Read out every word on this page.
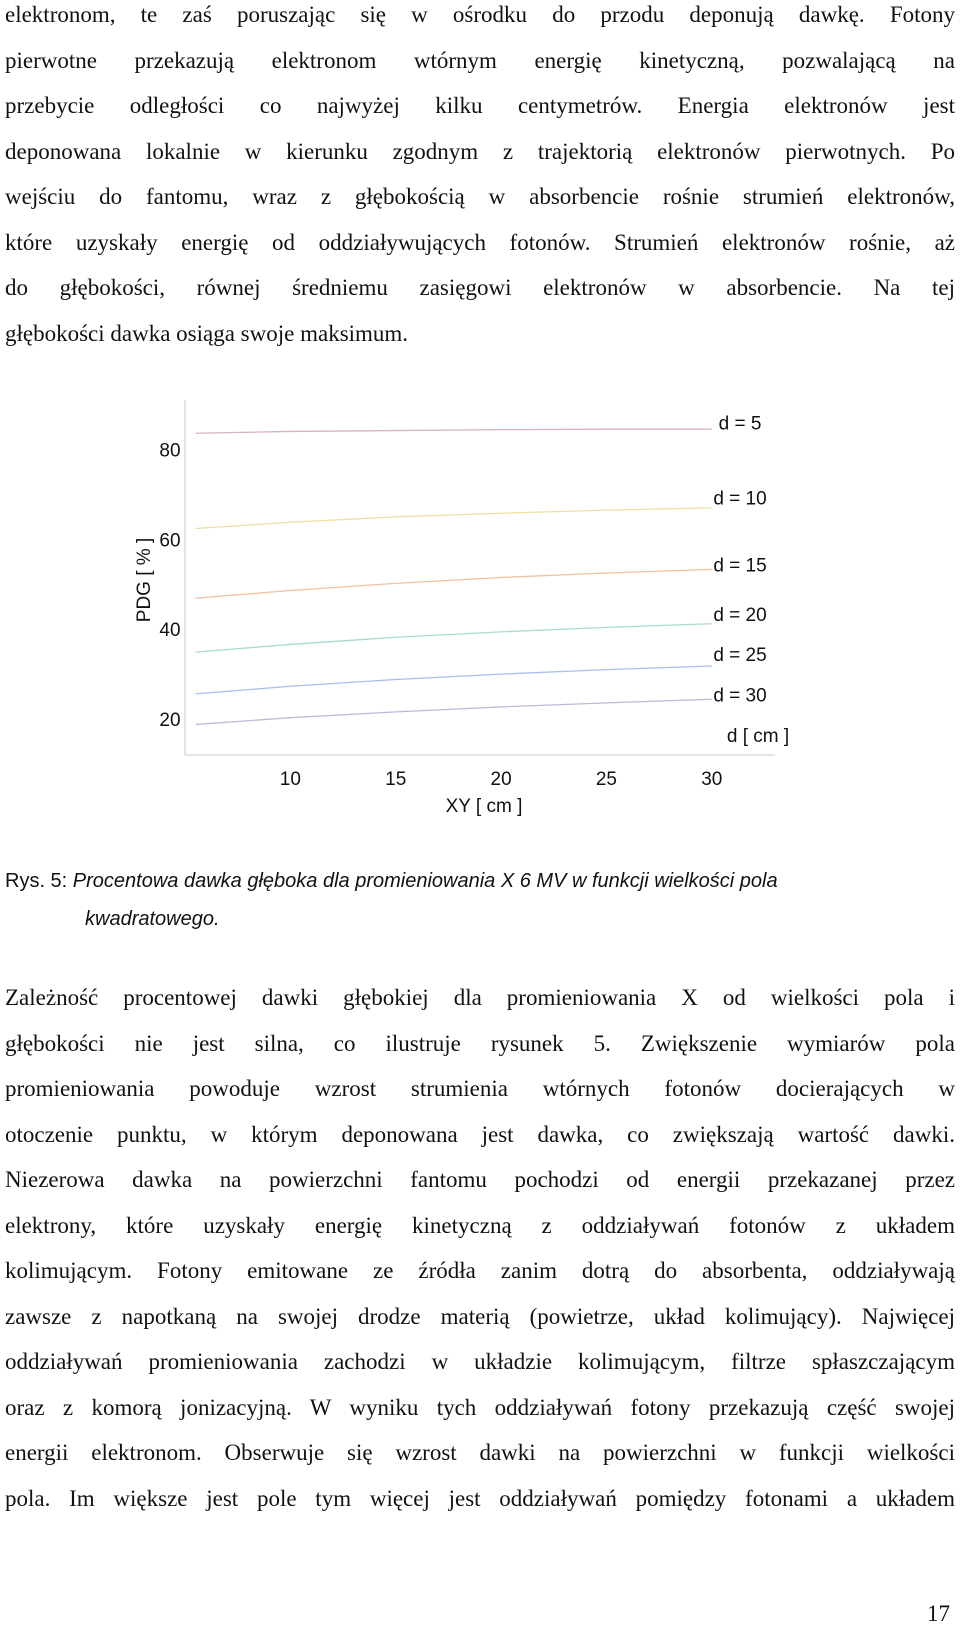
elektronom, te zaś poruszając się w ośrodku do przodu deponują dawkę. Fotony
pierwotne przekazują elektronom wtórnym energię kinetyczną, pozwalającą na
przebycie odległości co najwyżej kilku centymetrów. Energia elektronów jest
deponowana lokalnie w kierunku zgodnym z trajektorią elektronów pierwotnych. Po
wejściu do fantomu, wraz z głębokością w absorbencie rośnie strumień elektronów,
które uzyskały energię od oddziaływujących fotonów. Strumień elektronów rośnie, aż
do głębokości, równej średniemu zasięgowi elektronów w absorbencie. Na tej
głębokości dawka osiąga swoje maksimum.
10	15	20	25	30
20
40
60
80
d = 5
d = 10
d = 15
d = 20
d = 25
d = 30
XY [ cm ]
PDG [ % ]
d [ cm ]
Rys. 5: Procentowa dawka głęboka dla promieniowania X 6 MV w funkcji wielkości pola
kwadratowego.
Zależność procentowej dawki głębokiej dla promieniowania X od wielkości pola i
głębokości nie jest silna, co ilustruje rysunek 5. Zwiększenie wymiarów pola
promieniowania powoduje wzrost strumienia wtórnych fotonów docierających w
otoczenie punktu, w którym deponowana jest dawka, co zwiększają wartość dawki.
Niezerowa dawka na powierzchni fantomu pochodzi od energii przekazanej przez
elektrony, które uzyskały energię kinetyczną z oddziaływań fotonów z układem
kolimującym. Fotony emitowane ze źródła zanim dotrą do absorbenta, oddziaływają
zawsze z napotkaną na swojej drodze materią (powietrze, układ kolimujący). Najwięcej
oddziaływań promieniowania zachodzi w układzie kolimującym, filtrze spłaszczającym
oraz z komorą jonizacyjną. W wyniku tych oddziaływań fotony przekazują część swojej
energii elektronom. Obserwuje się wzrost dawki na powierzchni w funkcji wielkości
pola. Im większe jest pole tym więcej jest oddziaływań pomiędzy fotonami a układem
17
